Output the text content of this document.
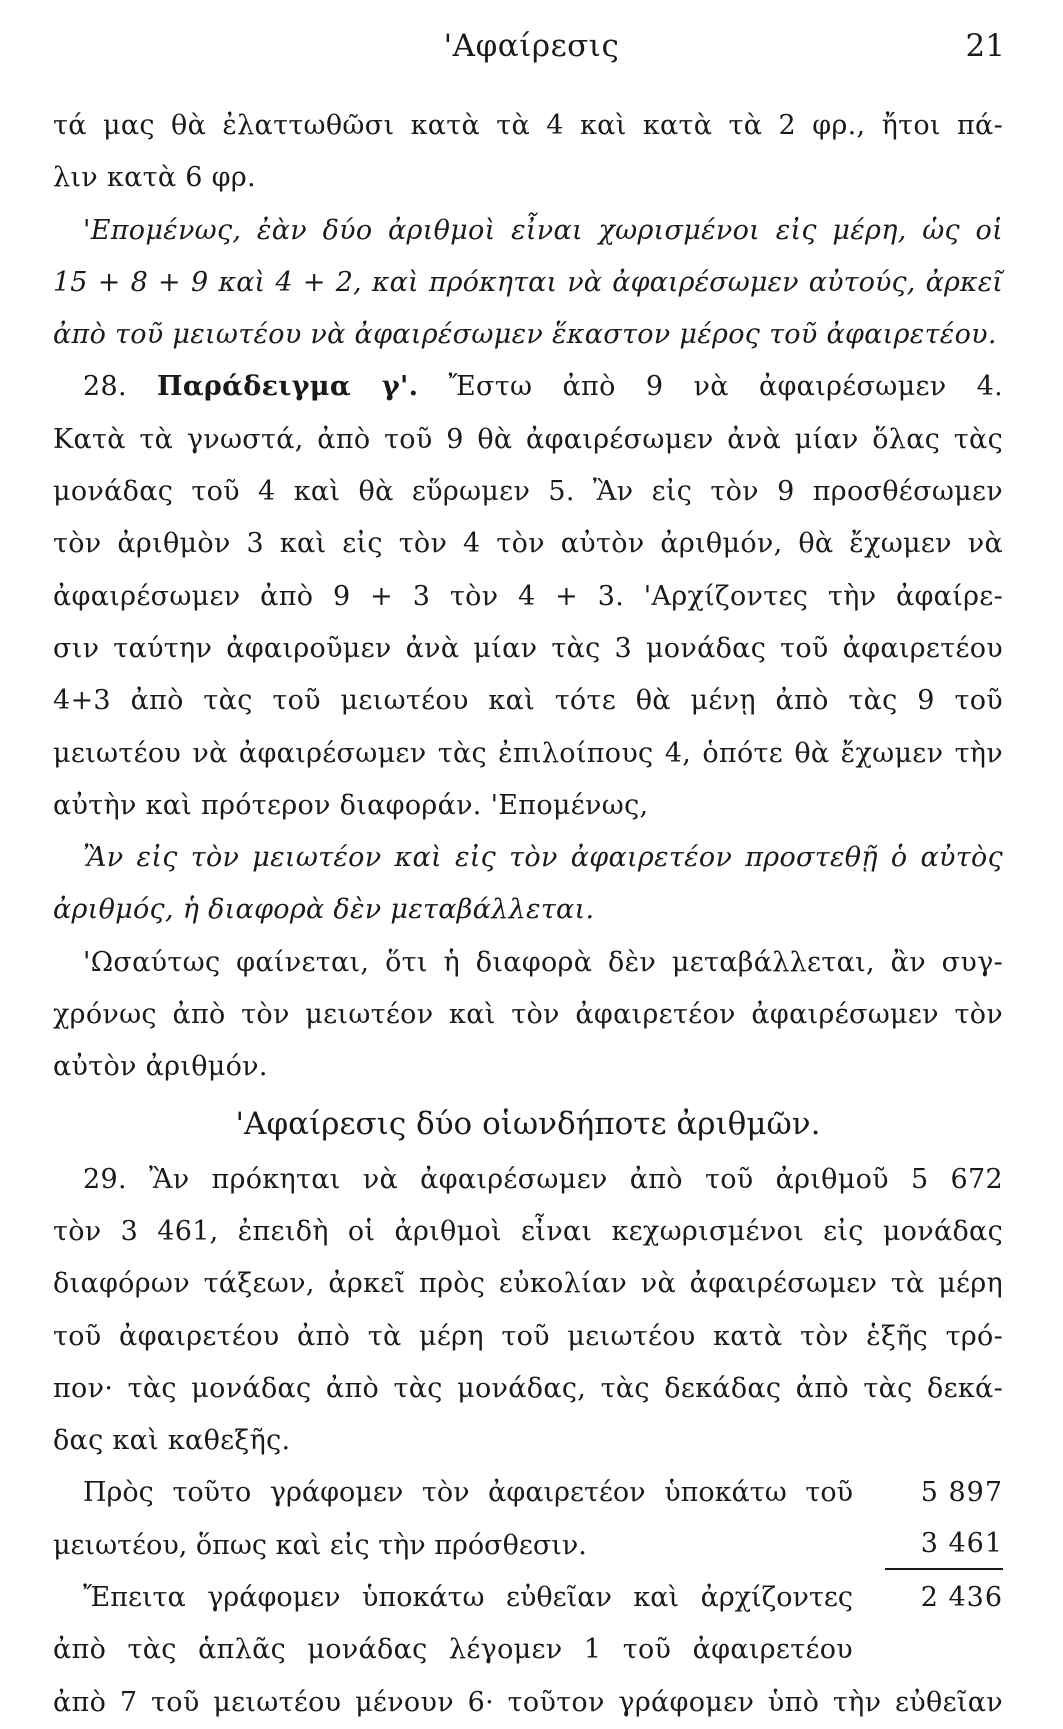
'Αφαίρεσις	21
τά μας θὰ ἐλαττωθῶσι κατὰ τὰ 4 καὶ κατὰ τὰ 2 φρ., ἤτοι πά-
λιν κατὰ 6 φρ.
'Επομένως, ἐὰν δύο ἀριθμοὶ εἶναι χωρισμένοι εἰς μέρη, ὡς οἱ
15 + 8 + 9 καὶ 4 + 2, καὶ πρόκηται νὰ ἀφαιρέσωμεν αὐτούς, ἀρκεῖ
ἀπὸ τοῦ μειωτέου νὰ ἀφαιρέσωμεν ἕκαστον μέρος τοῦ ἀφαιρετέου.
28. Παράδειγμα γ'. Ἔστω ἀπὸ 9 νὰ ἀφαιρέσωμεν 4.
Κατὰ τὰ γνωστά, ἀπὸ τοῦ 9 θὰ ἀφαιρέσωμεν ἀνὰ μίαν ὅλας τὰς
μονάδας τοῦ 4 καὶ θὰ εὕρωμεν 5. Ἂν εἰς τὸν 9 προσθέσωμεν
τὸν ἀριθμὸν 3 καὶ εἰς τὸν 4 τὸν αὐτὸν ἀριθμόν, θὰ ἔχωμεν νὰ
ἀφαιρέσωμεν ἀπὸ 9 + 3 τὸν 4 + 3. 'Αρχίζοντες τὴν ἀφαίρε-
σιν ταύτην ἀφαιροῦμεν ἀνὰ μίαν τὰς 3 μονάδας τοῦ ἀφαιρετέου
4+3 ἀπὸ τὰς τοῦ μειωτέου καὶ τότε θὰ μένῃ ἀπὸ τὰς 9 τοῦ
μειωτέου νὰ ἀφαιρέσωμεν τὰς ἐπιλοίπους 4, ὁπότε θὰ ἔχωμεν τὴν
αὐτὴν καὶ πρότερον διαφοράν. 'Επομένως,
Ἂν εἰς τὸν μειωτέον καὶ εἰς τὸν ἀφαιρετέον προστεθῇ ὁ αὐτὸς
ἀριθμός, ἡ διαφορὰ δὲν μεταβάλλεται.
'Ωσαύτως φαίνεται, ὅτι ἡ διαφορὰ δὲν μεταβάλλεται, ἂν συγ-
χρόνως ἀπὸ τὸν μειωτέον καὶ τὸν ἀφαιρετέον ἀφαιρέσωμεν τὸν
αὐτὸν ἀριθμόν.
'Αφαίρεσις δύο οἱωνδήποτε ἀριθμῶν.
29. Ἂν πρόκηται νὰ ἀφαιρέσωμεν ἀπὸ τοῦ ἀριθμοῦ 5 672
τὸν 3 461, ἐπειδὴ οἱ ἀριθμοὶ εἶναι κεχωρισμένοι εἰς μονάδας
διαφόρων τάξεων, ἀρκεῖ πρὸς εὐκολίαν νὰ ἀφαιρέσωμεν τὰ μέρη
τοῦ ἀφαιρετέου ἀπὸ τὰ μέρη τοῦ μειωτέου κατὰ τὸν ἑξῆς τρό-
πον· τὰς μονάδας ἀπὸ τὰς μονάδας, τὰς δεκάδας ἀπὸ τὰς δεκά-
δας καὶ καθεξῆς.
Πρὸς τοῦτο γράφομεν τὸν ἀφαιρετέον ὑποκάτω τοῦ	5 897
μειωτέου, ὅπως καὶ εἰς τὴν πρόσθεσιν.	3 461
Ἔπειτα γράφομεν ὑποκάτω εὐθεῖαν καὶ ἀρχίζοντες	2 436
ἀπὸ τὰς ἁπλᾶς μονάδας λέγομεν 1 τοῦ ἀφαιρετέου
ἀπὸ 7 τοῦ μειωτέου μένουν 6· τοῦτον γράφομεν ὑπὸ τὴν εὐθεῖαν
